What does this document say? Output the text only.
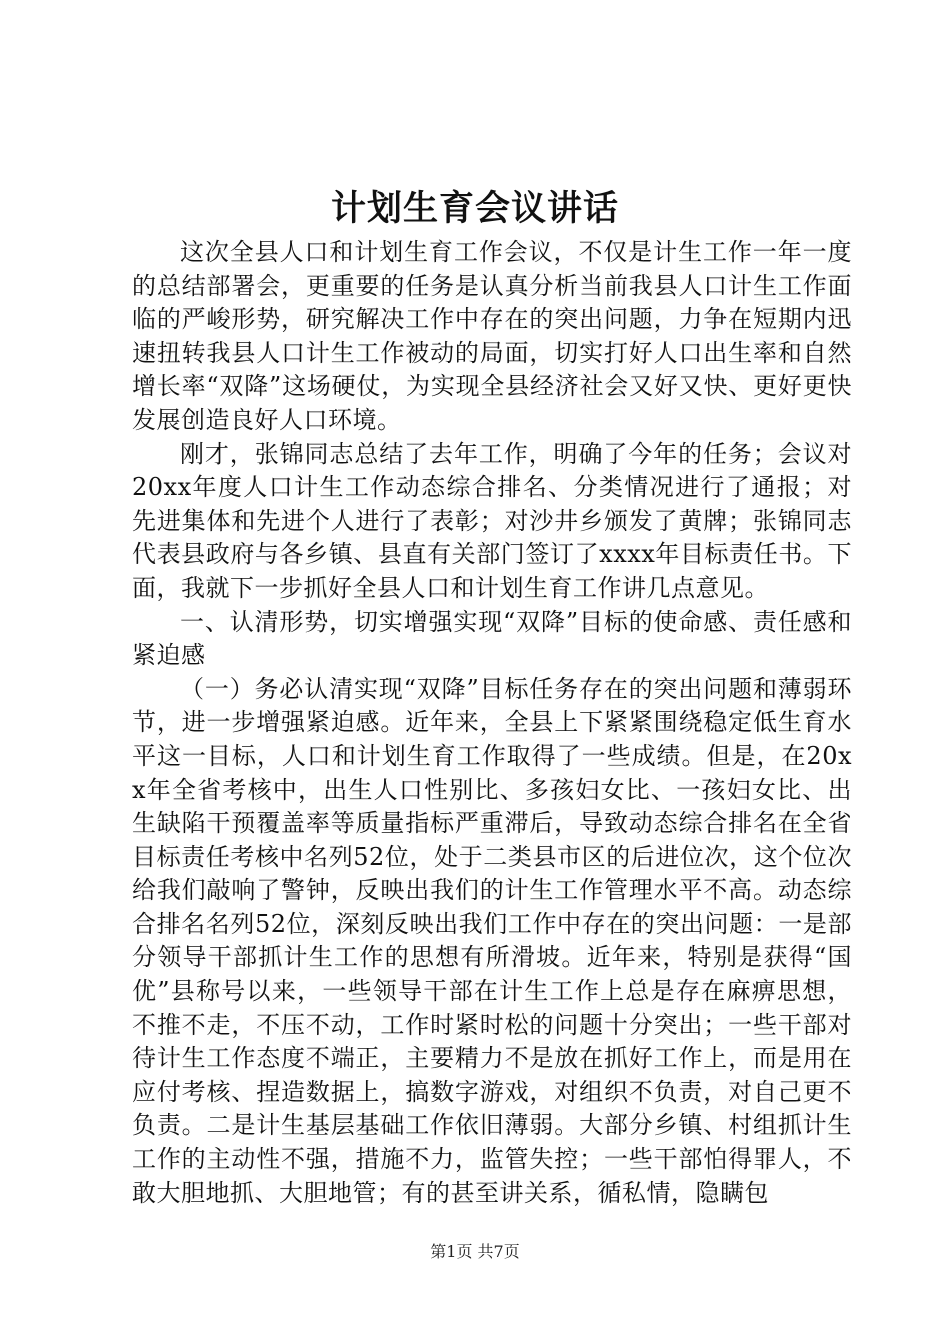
计划生育会议讲话

这次全县人口和计划生育工作会议，不仅是计生工作一年一度的总结部署会，更重要的任务是认真分析当前我县人口计生工作面临的严峻形势，研究解决工作中存在的突出问题，力争在短期内迅速扭转我县人口计生工作被动的局面，切实打好人口出生率和自然增长率“双降”这场硬仗，为实现全县经济社会又好又快、更好更快发展创造良好人口环境。

刚才，张锦同志总结了去年工作，明确了今年的任务；会议对20xx年度人口计生工作动态综合排名、分类情况进行了通报；对先进集体和先进个人进行了表彰；对沙井乡颁发了黄牌；张锦同志代表县政府与各乡镇、县直有关部门签订了xxxx年目标责任书。下面，我就下一步抓好全县人口和计划生育工作讲几点意见。

一、认清形势，切实增强实现“双降”目标的使命感、责任感和紧迫感

（一）务必认清实现“双降”目标任务存在的突出问题和薄弱环节，进一步增强紧迫感。近年来，全县上下紧紧围绕稳定低生育水平这一目标，人口和计划生育工作取得了一些成绩。但是，在20xx年全省考核中，出生人口性别比、多孩妇女比、一孩妇女比、出生缺陷干预覆盖率等质量指标严重滞后，导致动态综合排名在全省目标责任考核中名列52位，处于二类县市区的后进位次，这个位次给我们敲响了警钟，反映出我们的计生工作管理水平不高。动态综合排名名列52位，深刻反映出我们工作中存在的突出问题：一是部分领导干部抓计生工作的思想有所滑坡。近年来，特别是获得“国优”县称号以来，一些领导干部在计生工作上总是存在麻痹思想，不推不走，不压不动，工作时紧时松的问题十分突出；一些干部对待计生工作态度不端正，主要精力不是放在抓好工作上，而是用在应付考核、捏造数据上，搞数字游戏，对组织不负责，对自己更不负责。二是计生基层基础工作依旧薄弱。大部分乡镇、村组抓计生工作的主动性不强，措施不力，监管失控；一些干部怕得罪人，不敢大胆地抓、大胆地管；有的甚至讲关系，循私情，隐瞒包

第1页 共7页
